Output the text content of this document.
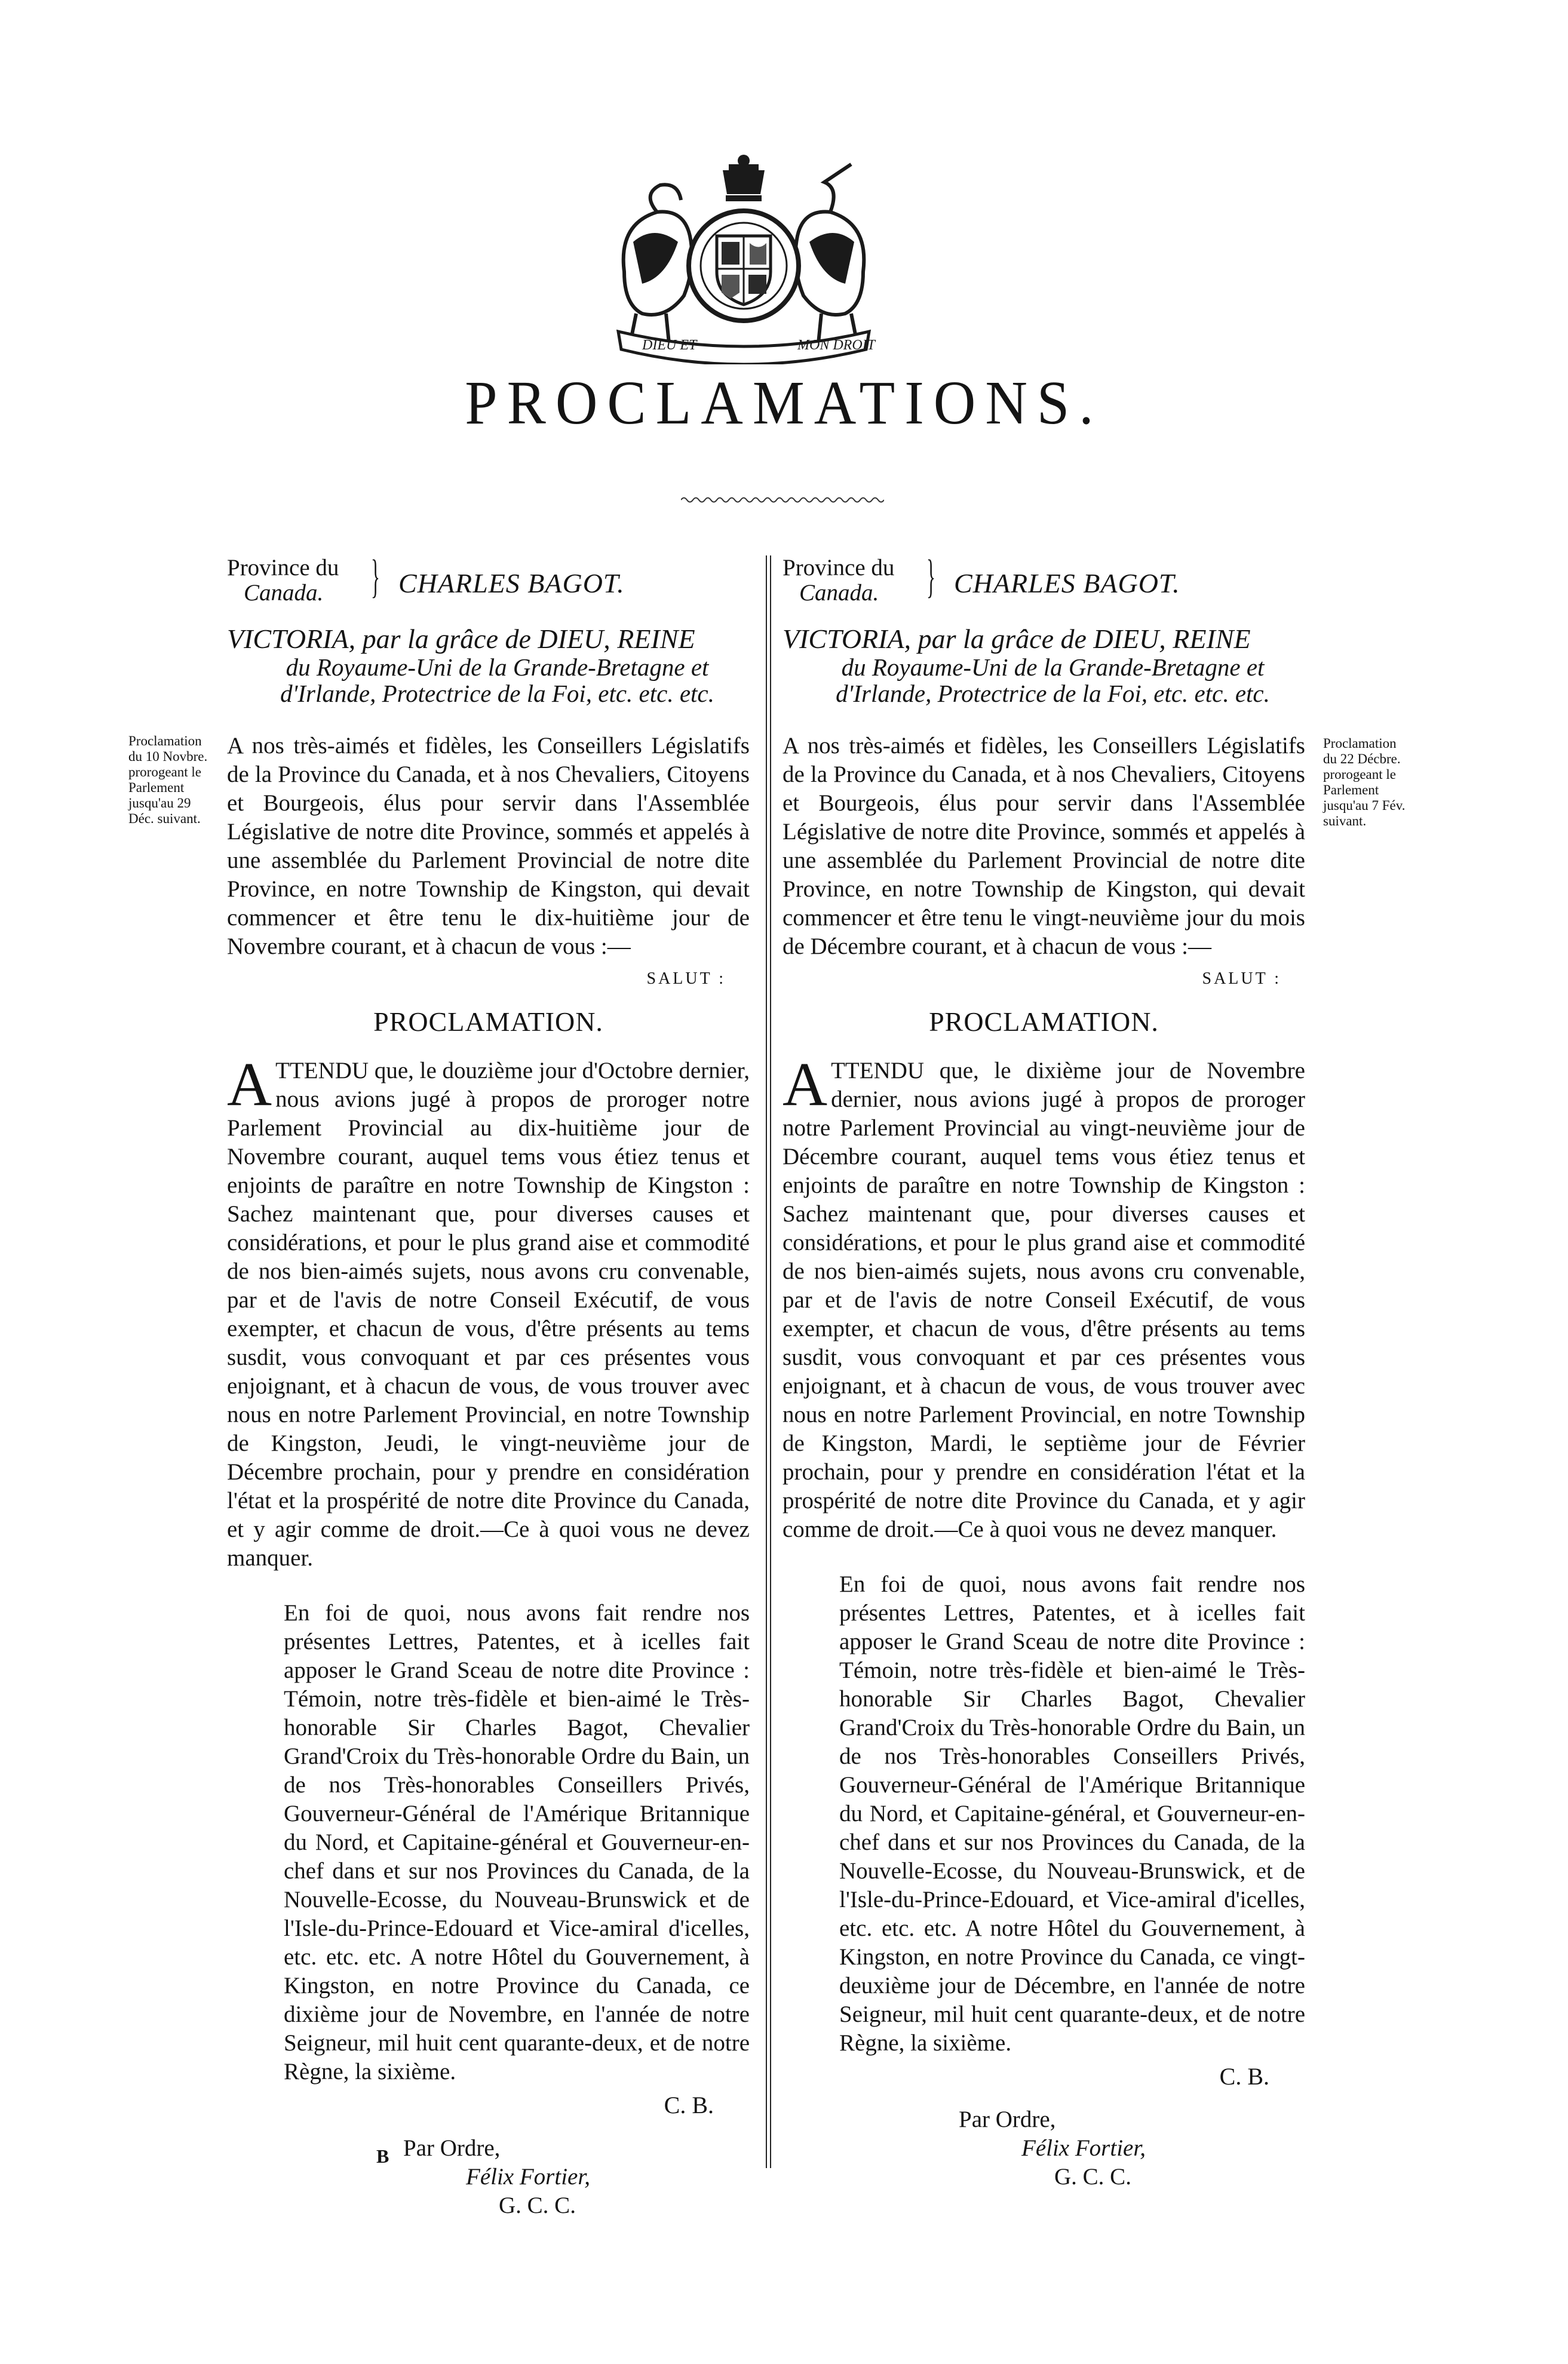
DIEU ET	MON DROIT
PROCLAMATIONS.
Proclamation du 10 Novbre. prorogeant le Parlement jusqu'au 29 Déc. suivant.
Proclamation du 22 Décbre. prorogeant le Parlement jusqu'au 7 Fév. suivant.
Province du
Canada.	} CHARLES BAGOT.

VICTORIA, par la grâce de DIEU, REINE
du Royaume-Uni de la Grande-Bretagne et d'Irlande, Protectrice de la Foi, etc. etc. etc.

A nos très-aimés et fidèles, les Conseillers Législatifs de la Province du Canada, et à nos Chevaliers, Citoyens et Bourgeois, élus pour servir dans l'Assemblée Législative de notre dite Province, sommés et appelés à une assemblée du Parlement Provincial de notre dite Province, en notre Township de Kingston, qui devait commencer et être tenu le dix-huitième jour de Novembre courant, et à chacun de vous :—

SALUT :

PROCLAMATION.

ATTENDU que, le douzième jour d'Octobre dernier, nous avions jugé à propos de proroger notre Parlement Provincial au dix-huitième jour de Novembre courant, auquel tems vous étiez tenus et enjoints de paraître en notre Township de Kingston : Sachez maintenant que, pour diverses causes et considérations, et pour le plus grand aise et commodité de nos bien-aimés sujets, nous avons cru convenable, par et de l'avis de notre Conseil Exécutif, de vous exempter, et chacun de vous, d'être présents au tems susdit, vous convoquant et par ces présentes vous enjoignant, et à chacun de vous, de vous trouver avec nous en notre Parlement Provincial, en notre Township de Kingston, Jeudi, le vingt-neuvième jour de Décembre prochain, pour y prendre en considération l'état et la prospérité de notre dite Province du Canada, et y agir comme de droit.—Ce à quoi vous ne devez manquer.

En foi de quoi, nous avons fait rendre nos présentes Lettres, Patentes, et à icelles fait apposer le Grand Sceau de notre dite Province : Témoin, notre très-fidèle et bien-aimé le Très-honorable Sir Charles Bagot, Chevalier Grand'Croix du Très-honorable Ordre du Bain, un de nos Très-honorables Conseillers Privés, Gouverneur-Général de l'Amérique Britannique du Nord, et Capitaine-général et Gouverneur-en-chef dans et sur nos Provinces du Canada, de la Nouvelle-Ecosse, du Nouveau-Brunswick et de l'Isle-du-Prince-Edouard et Vice-amiral d'icelles, etc. etc. etc. A notre Hôtel du Gouvernement, à Kingston, en notre Province du Canada, ce dixième jour de Novembre, en l'année de notre Seigneur, mil huit cent quarante-deux, et de notre Règne, la sixième.

C. B.

Par Ordre,

Félix Fortier,

G. C. C.

Province du
Canada.	} CHARLES BAGOT.

VICTORIA, par la grâce de DIEU, REINE
du Royaume-Uni de la Grande-Bretagne et d'Irlande, Protectrice de la Foi, etc. etc. etc.

A nos très-aimés et fidèles, les Conseillers Législatifs de la Province du Canada, et à nos Chevaliers, Citoyens et Bourgeois, élus pour servir dans l'Assemblée Législative de notre dite Province, sommés et appelés à une assemblée du Parlement Provincial de notre dite Province, en notre Township de Kingston, qui devait commencer et être tenu le vingt-neuvième jour du mois de Décembre courant, et à chacun de vous :—

SALUT :

PROCLAMATION.

ATTENDU que, le dixième jour de Novembre dernier, nous avions jugé à propos de proroger notre Parlement Provincial au vingt-neuvième jour de Décembre courant, auquel tems vous étiez tenus et enjoints de paraître en notre Township de Kingston : Sachez maintenant que, pour diverses causes et considérations, et pour le plus grand aise et commodité de nos bien-aimés sujets, nous avons cru convenable, par et de l'avis de notre Conseil Exécutif, de vous exempter, et chacun de vous, d'être présents au tems susdit, vous convoquant et par ces présentes vous enjoignant, et à chacun de vous, de vous trouver avec nous en notre Parlement Provincial, en notre Township de Kingston, Mardi, le septième jour de Février prochain, pour y prendre en considération l'état et la prospérité de notre dite Province du Canada, et y agir comme de droit.—Ce à quoi vous ne devez manquer.

En foi de quoi, nous avons fait rendre nos présentes Lettres, Patentes, et à icelles fait apposer le Grand Sceau de notre dite Province : Témoin, notre très-fidèle et bien-aimé le Très-honorable Sir Charles Bagot, Chevalier Grand'Croix du Très-honorable Ordre du Bain, un de nos Très-honorables Conseillers Privés, Gouverneur-Général de l'Amérique Britannique du Nord, et Capitaine-général, et Gouverneur-en-chef dans et sur nos Provinces du Canada, de la Nouvelle-Ecosse, du Nouveau-Brunswick, et de l'Isle-du-Prince-Edouard, et Vice-amiral d'icelles, etc. etc. etc. A notre Hôtel du Gouvernement, à Kingston, en notre Province du Canada, ce vingt-deuxième jour de Décembre, en l'année de notre Seigneur, mil huit cent quarante-deux, et de notre Règne, la sixième.

C. B.

Par Ordre,

Félix Fortier,

G. C. C.

B
